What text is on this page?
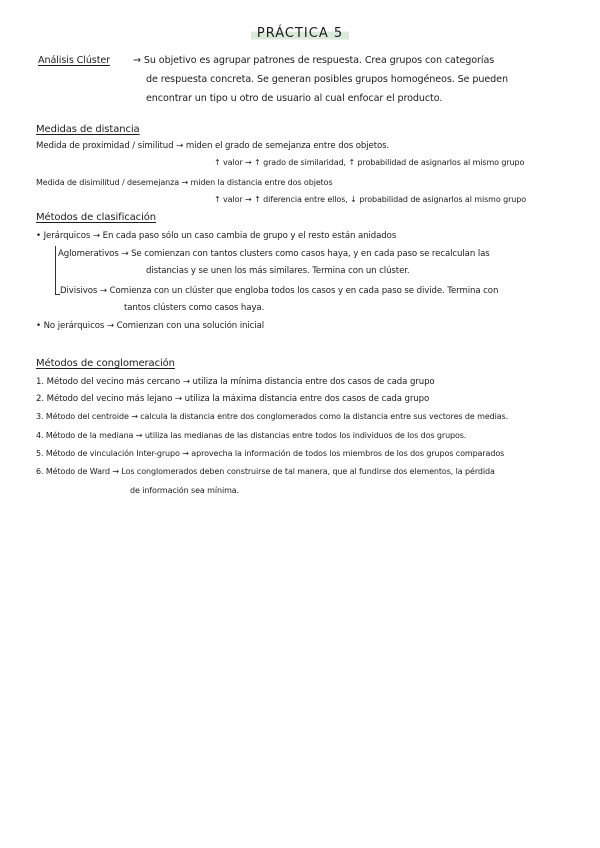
PRÁCTICA 5
Análisis Clúster → Su objetivo es agrupar patrones de respuesta. Crea grupos con categorías
de respuesta concreta. Se generan posibles grupos homogéneos. Se pueden
encontrar un tipo u otro de usuario al cual enfocar el producto.
Medidas de distancia
Medida de proximidad / similitud → miden el grado de semejanza entre dos objetos.
↑ valor → ↑ grado de similaridad, ↑ probabilidad de asignarlos al mismo grupo
Medida de disimilitud / desemejanza → miden la distancia entre dos objetos
↑ valor → ↑ diferencia entre ellos, ↓ probabilidad de asignarlos al mismo grupo
Métodos de clasificación
• Jerárquicos → En cada paso sólo un caso cambia de grupo y el resto están anidados
Aglomerativos → Se comienzan con tantos clusters como casos haya, y en cada paso se recalculan las
distancias y se unen los más similares. Termina con un clúster.
Divisivos → Comienza con un clúster que engloba todos los casos y en cada paso se divide. Termina con
tantos clústers como casos haya.
• No jerárquicos → Comienzan con una solución inicial
Métodos de conglomeración
1. Método del vecino más cercano → utiliza la mínima distancia entre dos casos de cada grupo
2. Método del vecino más lejano → utiliza la máxima distancia entre dos casos de cada grupo
3. Método del centroide → calcula la distancia entre dos conglomerados como la distancia entre sus vectores de medias.
4. Método de la mediana → utiliza las medianas de las distancias entre todos los individuos de los dos grupos.
5. Método de vinculación Inter-grupo → aprovecha la información de todos los miembros de los dos grupos comparados
6. Método de Ward → Los conglomerados deben construirse de tal manera, que al fundirse dos elementos, la pérdida
de información sea mínima.
